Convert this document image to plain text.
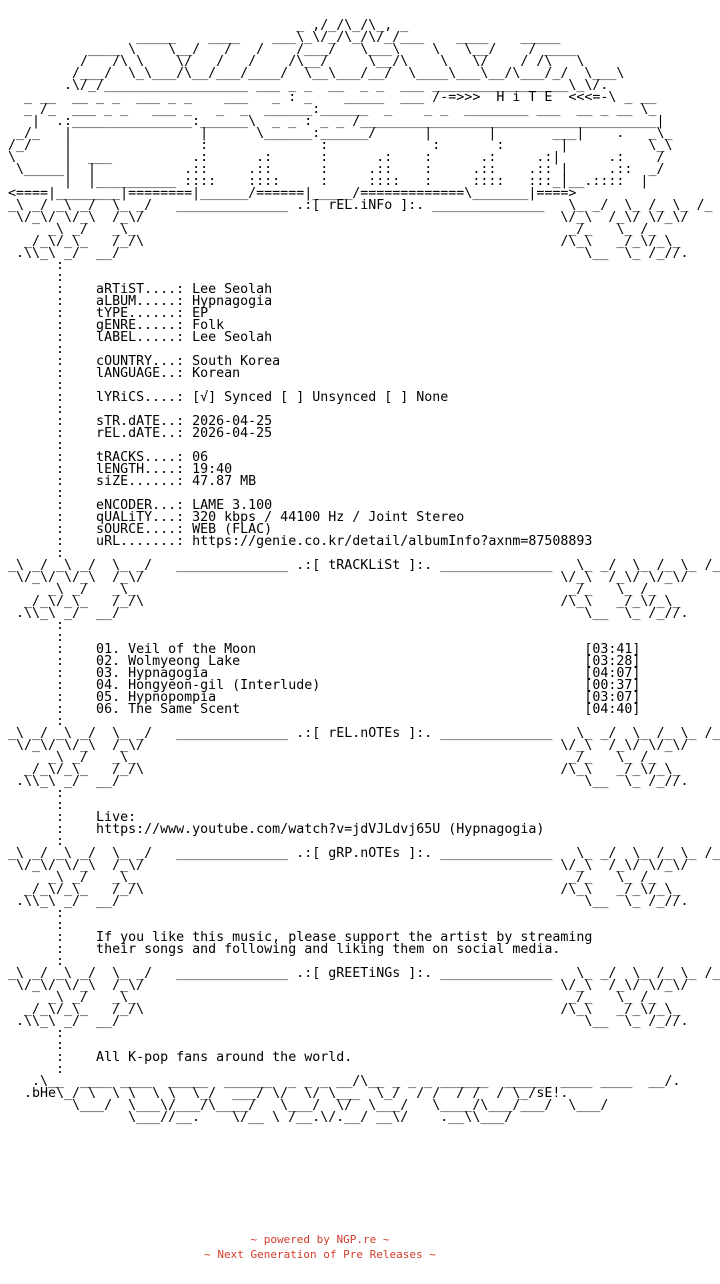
_ ,/_/\_/\_, _
_____    ____    ___\_\/_/\_/\/_/___    ____    _____
____ \    \__/   /   /    /___/   \___\    \   \__/    / ____
/   /\ \    \/   /   /    /\__/     \__/\    \   \/    / /\   \
/___/  \_\___/\__/___/____/  \__\___/__/  \____\___\__/\___/_/  \___\
.\/_/__________________ ___ _ _  __  _ _  ___ _________________\_\/.
_ __  __ _ _  ___ _ _    ___   _ : _    _____  ___ /-=>>>  H i T E  <<<=-\ _ __
_ /_  ___ _ _   ___ _   _  _  ______:______  _    _ _  ________ ___  __ _ __ \_
|  .:_______________:______\  _ _ : _ _ /_____________________________________|
_/_   |                |      \______:______/      |       |       ___|    .   _\_
/_/    |                :              :             :       :       |          \_\
\      |  ___          .:      .:      :      .:    :      .:     .:|      .:    /
\_____|  |           .::     .::      :     .::    :     .::    .:: |     .::  _/
|  |__________ ::::    ::::     :     ::::   :     ::::   :::_|__.::::  |
<====|________|========|______/======|_____/=============\_______|====>
_\ _/ _\ _/  \_ _/   ______________ .:[ rEL.iNFo ]:. ______________   \_ _/  \_ /_ \_ /_
\/_\/ \/_\  /_\/                                                    \/_\  /_\/ \/_\/
_\ _/   _\_                                                      _/_   \_ /_
_/_\/_\_   /_/\                                                    /\_\   _/_\/_\_
.\\_\ _/  __/                                                          \__  \_ /_//.
:
:
:    aRTiST....: Lee Seolah
:    aLBUM.....: Hypnagogia
:    tYPE......: EP
:    gENRE.....: Folk
:    lABEL.....: Lee Seolah
:
:    cOUNTRY...: South Korea
:    lANGUAGE..: Korean
:
:    lYRiCS....: [√] Synced [ ] Unsynced [ ] None
:
:    sTR.dATE..: 2026-04-25
:    rEL.dATE..: 2026-04-25
:
:    tRACKS....: 06
:    lENGTH....: 19:40
:    siZE......: 47.87 MB
:
:    eNCODER...: LAME 3.100
:    qUALiTY...: 320 kbps / 44100 Hz / Joint Stereo
:    sOURCE....: WEB (FLAC)
:    uRL.......: https://genie.co.kr/detail/albumInfo?axnm=87508893
:
_\ _/ _\ _/  \_ _/   ______________ .:[ tRACKLiSt ]:. ______________   \_ _/  \_ /_ \_ /_
\/_\/ \/_\  /_\/                                                    \/_\  /_\/ \/_\/
_\ _/   _\_                                                      _/_   \_ /_
_/_\/_\_   /_/\                                                    /\_\   _/_\/_\_
.\\_\ _/  __/                                                          \__  \_ /_//.
:
:
:    01. Veil of the Moon                                         [03:41]
:    02. Wolmyeong Lake                                           [03:28]
:    03. Hypnagogia                                               [04:07]
:    04. Hongyeon-gil (Interlude)                                 [00:37]
:    05. Hypnopompia                                              [03:07]
:    06. The Same Scent                                           [04:40]
:
_\ _/ _\ _/  \_ _/   ______________ .:[ rEL.nOTEs ]:. ______________   \_ _/  \_ /_ \_ /_
\/_\/ \/_\  /_\/                                                    \/_\  /_\/ \/_\/
_\ _/   _\_                                                      _/_   \_ /_
_/_\/_\_   /_/\                                                    /\_\   _/_\/_\_
.\\_\ _/  __/                                                          \__  \_ /_//.
:
:
:    Live:
:    https://www.youtube.com/watch?v=jdVJLdvj65U (Hypnagogia)
:
_\ _/ _\ _/  \_ _/   ______________ .:[ gRP.nOTEs ]:. ______________   \_ _/  \_ /_ \_ /_
\/_\/ \/_\  /_\/                                                    \/_\  /_\/ \/_\/
_\ _/   _\_                                                      _/_   \_ /_
_/_\/_\_   /_/\                                                    /\_\   _/_\/_\_
.\\_\ _/  __/                                                          \__  \_ /_//.
:
:
:    If you like this music, please support the artist by streaming
:    their songs and following and liking them on social media.
:
_\ _/ _\ _/  \_ _/   ______________ .:[ gREETiNGs ]:. ______________   \_ _/  \_ /_ \_ /_
\/_\/ \/_\  /_\/                                                    \/_\  /_\/ \/_\/
_\ _/   _\_                                                      _/_   \_ /_
_/_\/_\_   /_/\                                                    /\_\   _/_\/_\_
.\\_\ _/  __/                                                          \__  \_ /_//.
:
:
:    All K-pop fans around the world.
:
.\__  ____ ____  _____  ______  _ _ _ __/\__ _ _ _ ______  _____  ____ ____  __/.
.bHe\_/ \  \ \  \ \  \_/  ___/ \/  \/ \___  \_/  / /  / /  / \_/sE!.
\___/  \___\/___/\____/   \___/  \/  \___/   \____/\___/___/  \___/
\___//__.    \/__ \ /__.\/.__/ __\/    .__\\___/

~ powered by NGP.re ~
~ Next Generation of Pre Releases ~
